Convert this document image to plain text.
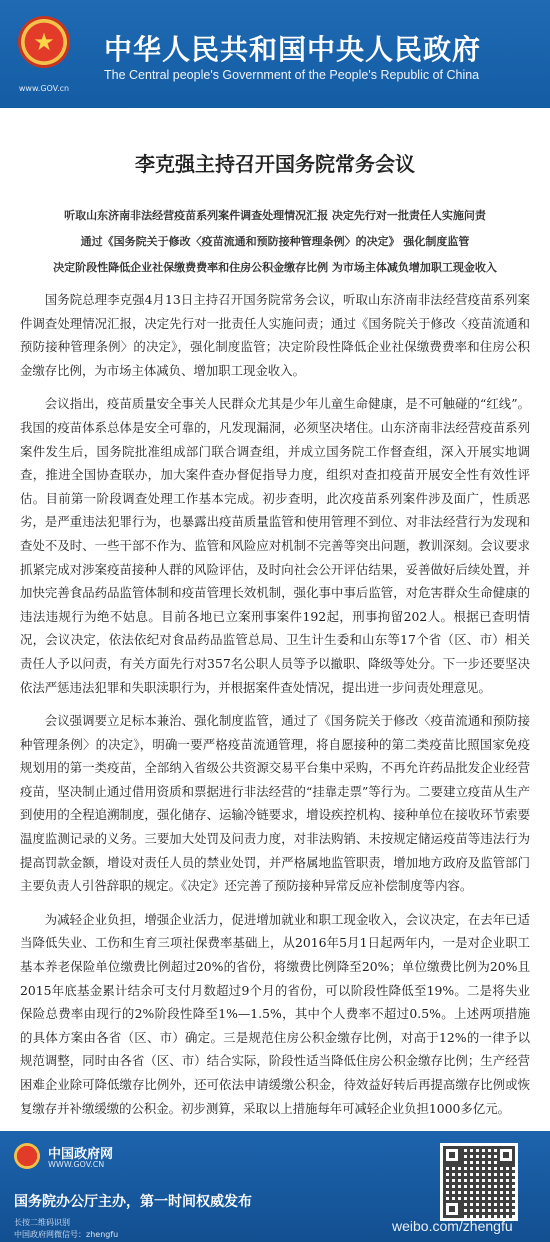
★
www.GOV.cn
中华人民共和国中央人民政府
The Central people's Government of the People's Republic of China
李克强主持召开国务院常务会议
听取山东济南非法经营疫苗系列案件调查处理情况汇报 决定先行对一批责任人实施问责
通过《国务院关于修改〈疫苗流通和预防接种管理条例〉的决定》 强化制度监管
决定阶段性降低企业社保缴费费率和住房公积金缴存比例 为市场主体减负增加职工现金收入

国务院总理李克强4月13日主持召开国务院常务会议，听取山东济南非法经营疫苗系列案件调查处理情况汇报，决定先行对一批责任人实施问责；通过《国务院关于修改〈疫苗流通和预防接种管理条例〉的决定》，强化制度监管；决定阶段性降低企业社保缴费费率和住房公积金缴存比例，为市场主体减负、增加职工现金收入。

会议指出，疫苗质量安全事关人民群众尤其是少年儿童生命健康，是不可触碰的“红线”。我国的疫苗体系总体是安全可靠的，凡发现漏洞，必须坚决堵住。山东济南非法经营疫苗系列案件发生后，国务院批准组成部门联合调查组，并成立国务院工作督查组，深入开展实地调查，推进全国协查联办，加大案件查办督促指导力度，组织对查扣疫苗开展安全性有效性评估。目前第一阶段调查处理工作基本完成。初步查明，此次疫苗系列案件涉及面广，性质恶劣，是严重违法犯罪行为，也暴露出疫苗质量监管和使用管理不到位、对非法经营行为发现和查处不及时、一些干部不作为、监管和风险应对机制不完善等突出问题，教训深刻。会议要求抓紧完成对涉案疫苗接种人群的风险评估，及时向社会公开评估结果，妥善做好后续处置，并加快完善食品药品监管体制和疫苗管理长效机制，强化事中事后监管，对危害群众生命健康的违法违规行为绝不姑息。目前各地已立案刑事案件192起，刑事拘留202人。根据已查明情况，会议决定，依法依纪对食品药品监管总局、卫生计生委和山东等17个省（区、市）相关责任人予以问责，有关方面先行对357名公职人员等予以撤职、降级等处分。下一步还要坚决依法严惩违法犯罪和失职渎职行为，并根据案件查处情况，提出进一步问责处理意见。

会议强调要立足标本兼治、强化制度监管，通过了《国务院关于修改〈疫苗流通和预防接种管理条例〉的决定》，明确一要严格疫苗流通管理，将自愿接种的第二类疫苗比照国家免疫规划用的第一类疫苗，全部纳入省级公共资源交易平台集中采购，不再允许药品批发企业经营疫苗，坚决制止通过借用资质和票据进行非法经营的“挂靠走票”等行为。二要建立疫苗从生产到使用的全程追溯制度，强化储存、运输冷链要求，增设疾控机构、接种单位在接收环节索要温度监测记录的义务。三要加大处罚及问责力度，对非法购销、未按规定储运疫苗等违法行为提高罚款金额，增设对责任人员的禁业处罚，并严格属地监管职责，增加地方政府及监管部门主要负责人引咎辞职的规定。《决定》还完善了预防接种异常反应补偿制度等内容。

为减轻企业负担，增强企业活力，促进增加就业和职工现金收入，会议决定，在去年已适当降低失业、工伤和生育三项社保费率基础上，从2016年5月1日起两年内，一是对企业职工基本养老保险单位缴费比例超过20%的省份，将缴费比例降至20%；单位缴费比例为20%且2015年底基金累计结余可支付月数超过9个月的省份，可以阶段性降低至19%。二是将失业保险总费率由现行的2%阶段性降至1%—1.5%，其中个人费率不超过0.5%。上述两项措施的具体方案由各省（区、市）确定。三是规范住房公积金缴存比例，对高于12%的一律予以规范调整，同时由各省（区、市）结合实际，阶段性适当降低住房公积金缴存比例；生产经营困难企业除可降低缴存比例外，还可依法申请缓缴公积金，待效益好转后再提高缴存比例或恢复缴存并补缴缓缴的公积金。初步测算，采取以上措施每年可减轻企业负担1000多亿元。

中国政府网
WWW.GOV.CN
国务院办公厅主办，第一时间权威发布
长按二维码识别
中国政府网微信号：zhengfu
weibo.com/zhengfu
